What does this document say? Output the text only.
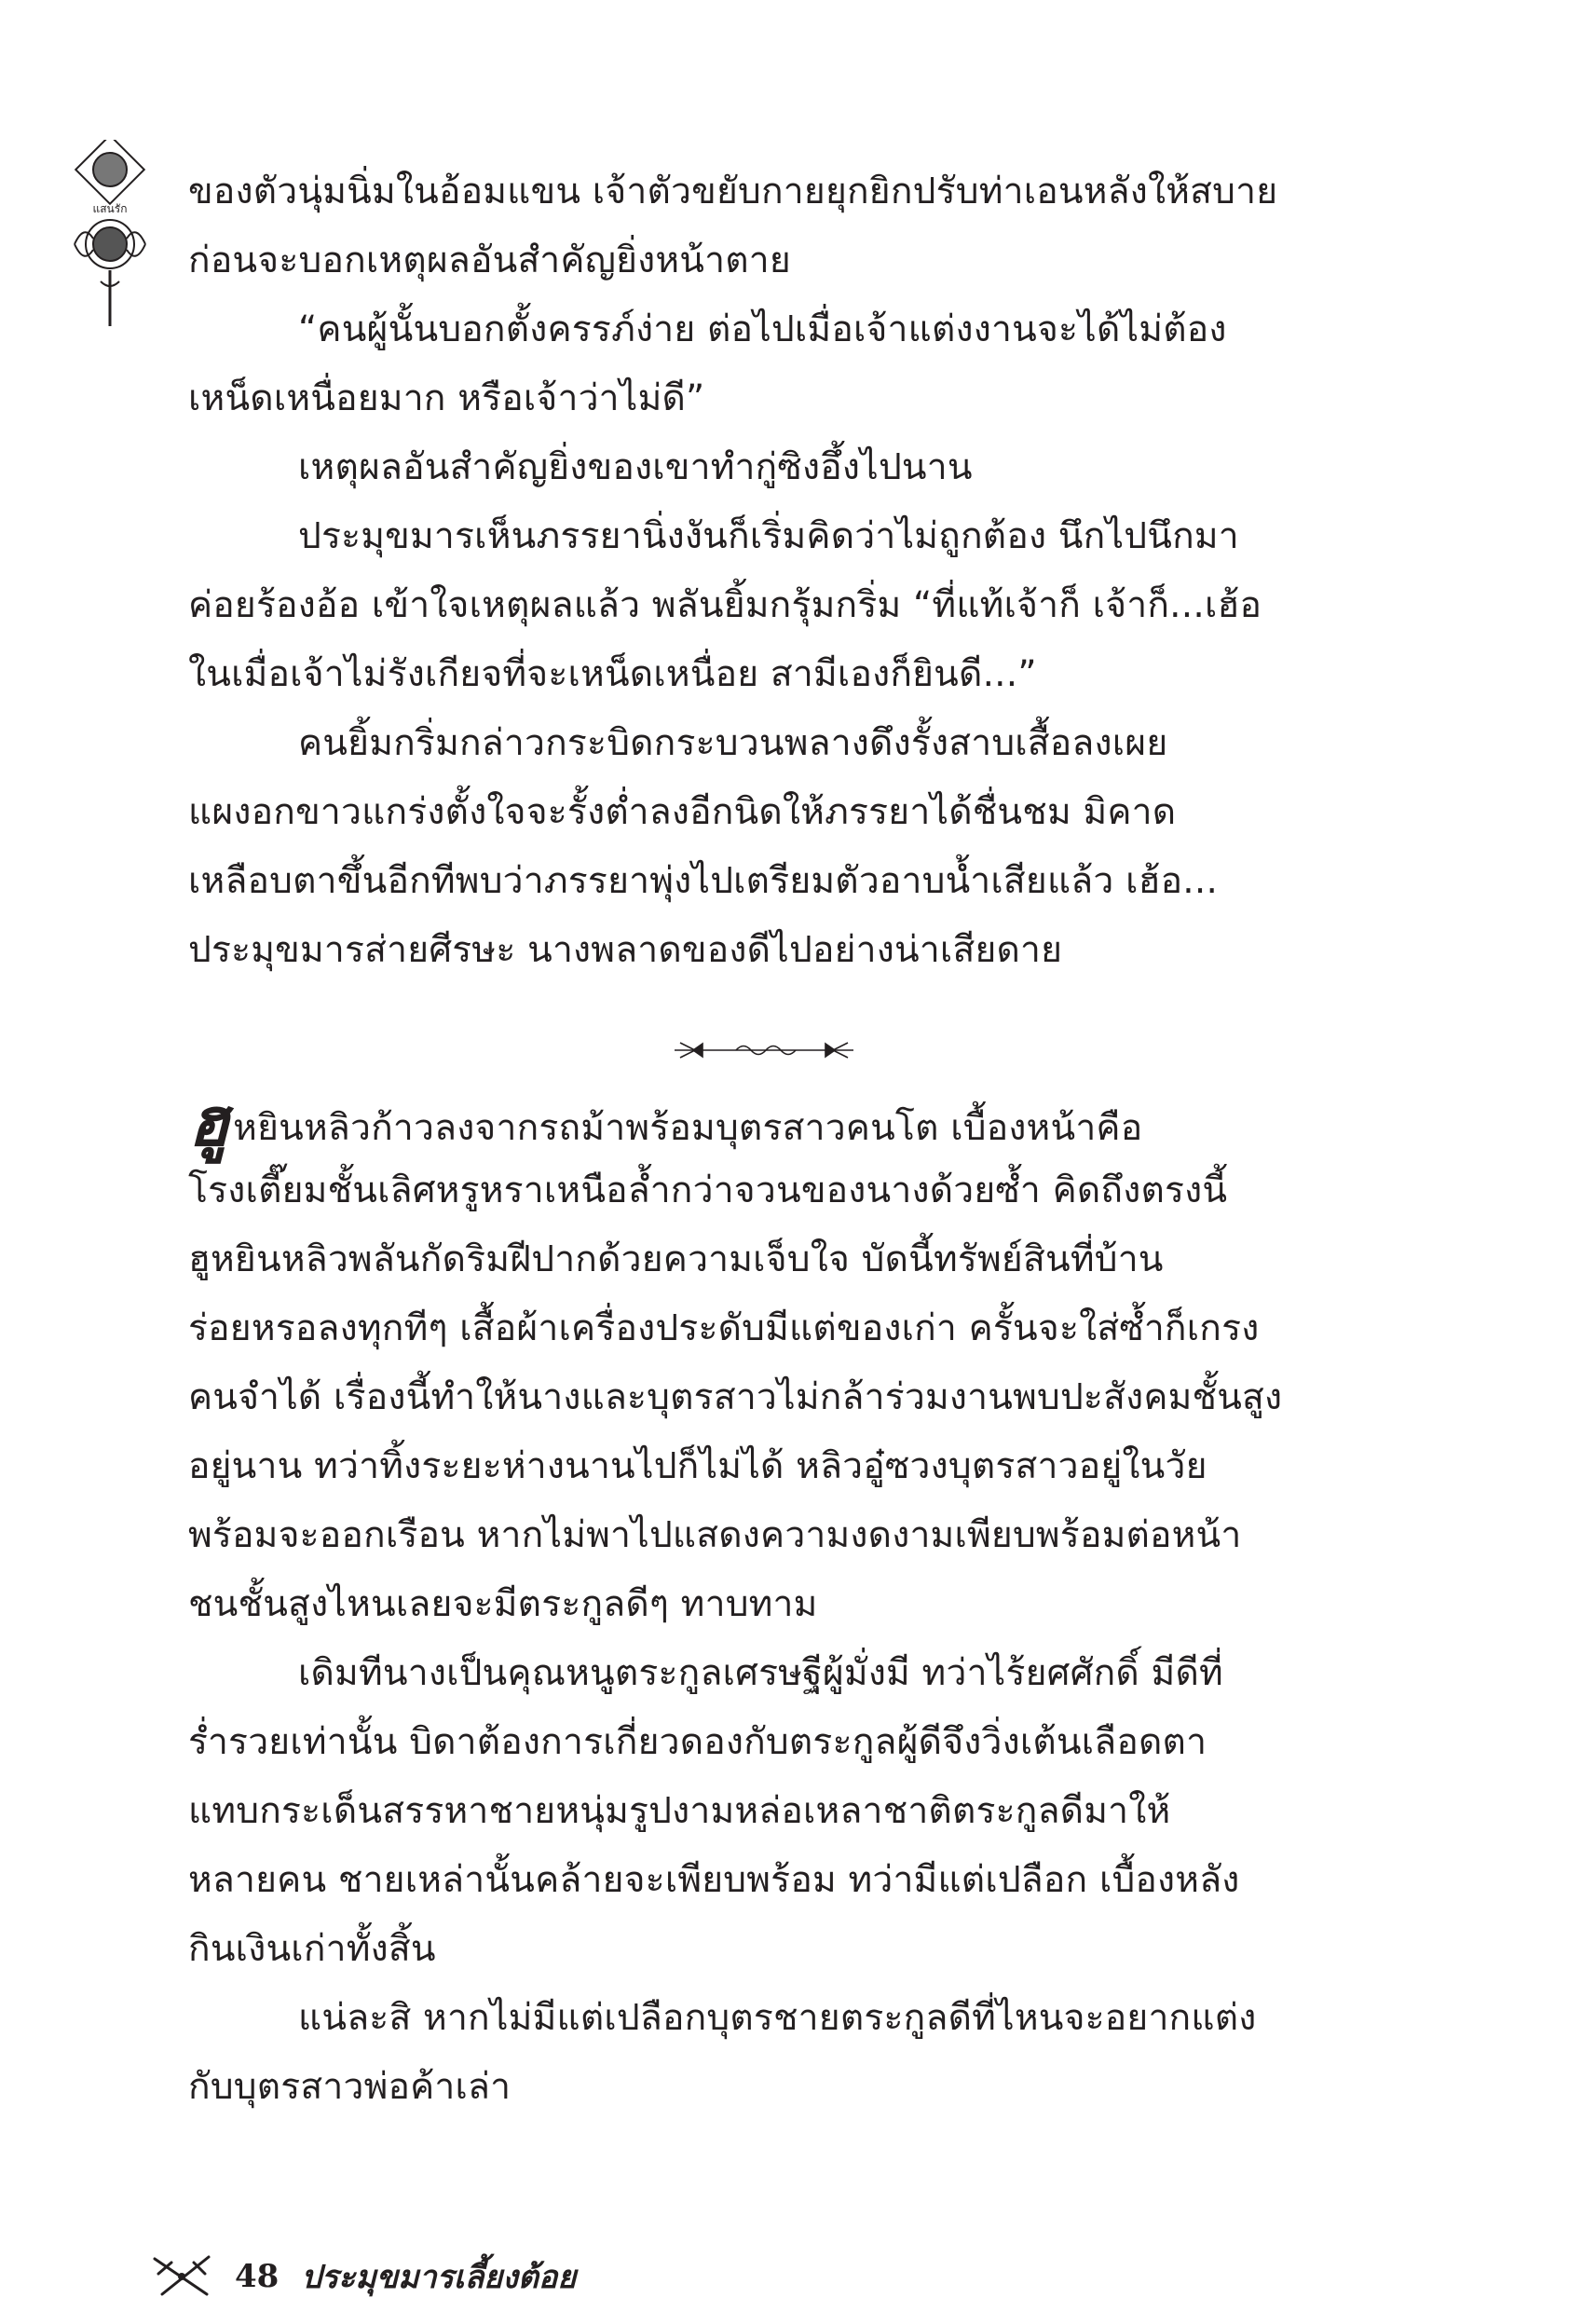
แสนรัก ของตัวนุ่มนิ่มในอ้อมแขน เจ้าตัวขยับกายยุกยิกปรับท่าเอนหลังให้สบาย
ก่อนจะบอกเหตุผลอันสำคัญยิ่งหน้าตาย
“คนผู้นั้นบอกตั้งครรภ์ง่าย ต่อไปเมื่อเจ้าแต่งงานจะได้ไม่ต้อง
เหน็ดเหนื่อยมาก หรือเจ้าว่าไม่ดี”
เหตุผลอันสำคัญยิ่งของเขาทำกู่ซิงอึ้งไปนาน
ประมุขมารเห็นภรรยานิ่งงันก็เริ่มคิดว่าไม่ถูกต้อง นึกไปนึกมา
ค่อยร้องอ้อ เข้าใจเหตุผลแล้ว พลันยิ้มกรุ้มกริ่ม “ที่แท้เจ้าก็ เจ้าก็...เฮ้อ
ในเมื่อเจ้าไม่รังเกียจที่จะเหน็ดเหนื่อย สามีเองก็ยินดี...”
คนยิ้มกริ่มกล่าวกระบิดกระบวนพลางดึงรั้งสาบเสื้อลงเผย
แผงอกขาวแกร่งตั้งใจจะรั้งต่ำลงอีกนิดให้ภรรยาได้ชื่นชม มิคาด
เหลือบตาขึ้นอีกทีพบว่าภรรยาพุ่งไปเตรียมตัวอาบน้ำเสียแล้ว เฮ้อ...
ประมุขมารส่ายศีรษะ นางพลาดของดีไปอย่างน่าเสียดาย
ฮูหยินหลิวก้าวลงจากรถม้าพร้อมบุตรสาวคนโต เบื้องหน้าคือ
โรงเตี๊ยมชั้นเลิศหรูหราเหนือล้ำกว่าจวนของนางด้วยซ้ำ คิดถึงตรงนี้
ฮูหยินหลิวพลันกัดริมฝีปากด้วยความเจ็บใจ บัดนี้ทรัพย์สินที่บ้าน
ร่อยหรอลงทุกทีๆ เสื้อผ้าเครื่องประดับมีแต่ของเก่า ครั้นจะใส่ซ้ำก็เกรง
คนจำได้ เรื่องนี้ทำให้นางและบุตรสาวไม่กล้าร่วมงานพบปะสังคมชั้นสูง
อยู่นาน ทว่าทิ้งระยะห่างนานไปก็ไม่ได้ หลิวอู๋ซวงบุตรสาวอยู่ในวัย
พร้อมจะออกเรือน หากไม่พาไปแสดงความงดงามเพียบพร้อมต่อหน้า
ชนชั้นสูงไหนเลยจะมีตระกูลดีๆ ทาบทาม
เดิมทีนางเป็นคุณหนูตระกูลเศรษฐีผู้มั่งมี ทว่าไร้ยศศักดิ์ มีดีที่
ร่ำรวยเท่านั้น บิดาต้องการเกี่ยวดองกับตระกูลผู้ดีจึงวิ่งเต้นเลือดตา
แทบกระเด็นสรรหาชายหนุ่มรูปงามหล่อเหลาชาติตระกูลดีมาให้
หลายคน ชายเหล่านั้นคล้ายจะเพียบพร้อม ทว่ามีแต่เปลือก เบื้องหลัง
กินเงินเก่าทั้งสิ้น
แน่ละสิ หากไม่มีแต่เปลือกบุตรชายตระกูลดีที่ไหนจะอยากแต่ง
กับบุตรสาวพ่อค้าเล่า
48 ประมุขมารเลี้ยงต้อย
